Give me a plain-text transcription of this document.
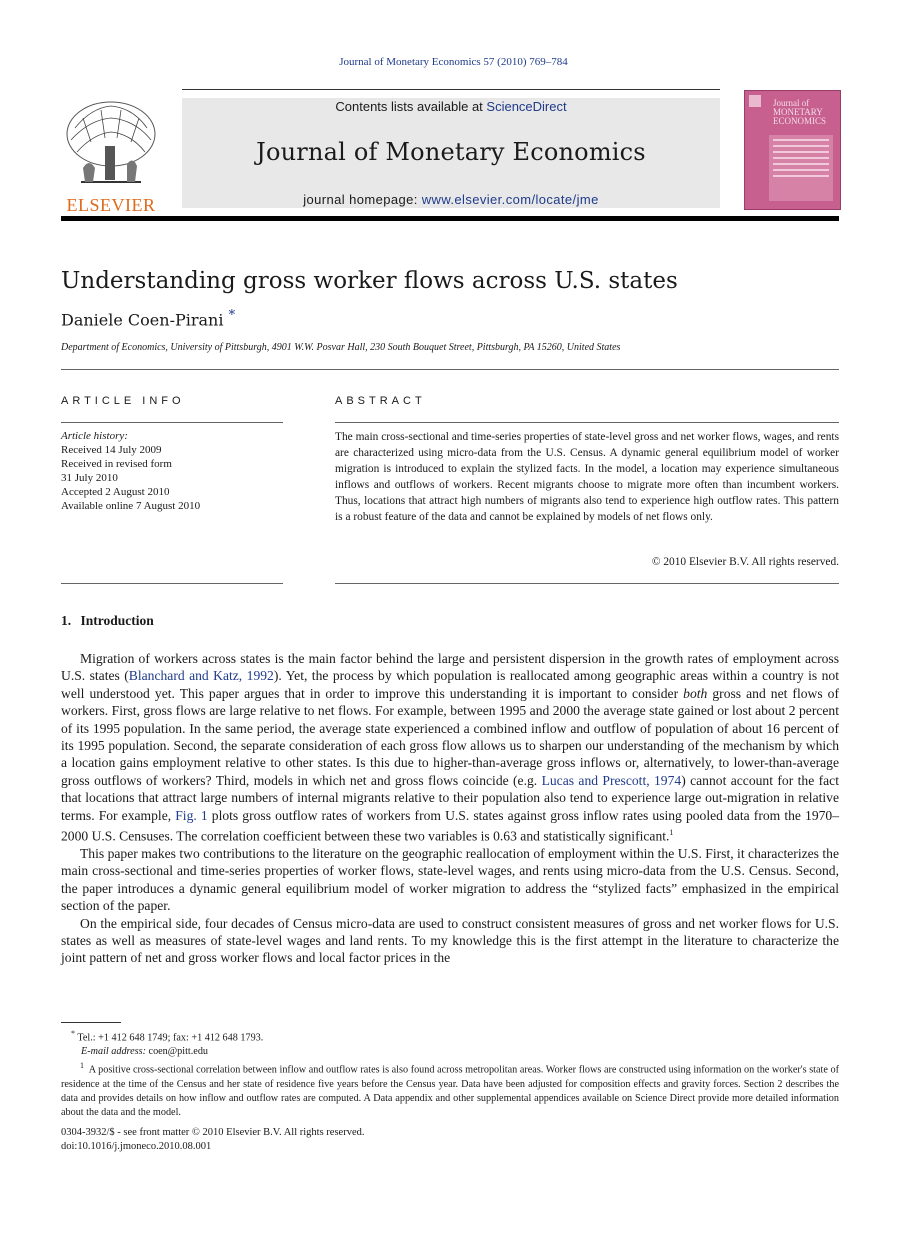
Journal of Monetary Economics 57 (2010) 769–784
ELSEVIER
Contents lists available at ScienceDirect
Journal of Monetary Economics
journal homepage: www.elsevier.com/locate/jme
Journal of
MONETARY
ECONOMICS
Understanding gross worker flows across U.S. states
Daniele Coen-Pirani *
Department of Economics, University of Pittsburgh, 4901 W.W. Posvar Hall, 230 South Bouquet Street, Pittsburgh, PA 15260, United States
ARTICLE INFO
Article history:
Received 14 July 2009
Received in revised form
31 July 2010
Accepted 2 August 2010
Available online 7 August 2010
ABSTRACT
The main cross-sectional and time-series properties of state-level gross and net worker flows, wages, and rents are characterized using micro-data from the U.S. Census. A dynamic general equilibrium model of worker migration is introduced to explain the stylized facts. In the model, a location may experience simultaneous inflows and outflows of workers. Recent migrants choose to migrate more often than incumbent workers. Thus, locations that attract high numbers of migrants also tend to experience high outflow rates. This pattern is a robust feature of the data and cannot be explained by models of net flows only.
© 2010 Elsevier B.V. All rights reserved.
1. Introduction

Migration of workers across states is the main factor behind the large and persistent dispersion in the growth rates of employment across U.S. states (Blanchard and Katz, 1992). Yet, the process by which population is reallocated among geographic areas within a country is not well understood yet. This paper argues that in order to improve this understanding it is important to consider both gross and net flows of workers. First, gross flows are large relative to net flows. For example, between 1995 and 2000 the average state gained or lost about 2 percent of its 1995 population. In the same period, the average state experienced a combined inflow and outflow of population of about 16 percent of its 1995 population. Second, the separate consideration of each gross flow allows us to sharpen our understanding of the mechanism by which a location gains employment relative to other states. Is this due to higher-than-average gross inflows or, alternatively, to lower-than-average gross outflows of workers? Third, models in which net and gross flows coincide (e.g. Lucas and Prescott, 1974) cannot account for the fact that locations that attract large numbers of internal migrants relative to their population also tend to experience large out-migration in relative terms. For example, Fig. 1 plots gross outflow rates of workers from U.S. states against gross inflow rates using pooled data from the 1970–2000 U.S. Censuses. The correlation coefficient between these two variables is 0.63 and statistically significant.$^1$

This paper makes two contributions to the literature on the geographic reallocation of employment within the U.S. First, it characterizes the main cross-sectional and time-series properties of worker flows, state-level wages, and rents using micro-data from the U.S. Census. Second, the paper introduces a dynamic general equilibrium model of worker migration to address the “stylized facts” emphasized in the empirical section of the paper.

On the empirical side, four decades of Census micro-data are used to construct consistent measures of gross and net worker flows for U.S. states as well as measures of state-level wages and land rents. To my knowledge this is the first attempt in the literature to characterize the joint pattern of net and gross worker flows and local factor prices in the

* Tel.: +1 412 648 1749; fax: +1 412 648 1793.

E-mail address: coen@pitt.edu

$^1$ A positive cross-sectional correlation between inflow and outflow rates is also found across metropolitan areas. Worker flows are constructed using information on the worker's state of residence at the time of the Census and her state of residence five years before the Census year. Data have been adjusted for composition effects and gravity forces. Section 2 describes the data and provides details on how inflow and outflow rates are computed. A Data appendix and other supplemental appendices available on Science Direct provide more detailed information about the data and the model.

0304-3932/$ - see front matter © 2010 Elsevier B.V. All rights reserved.
doi:10.1016/j.jmoneco.2010.08.001
